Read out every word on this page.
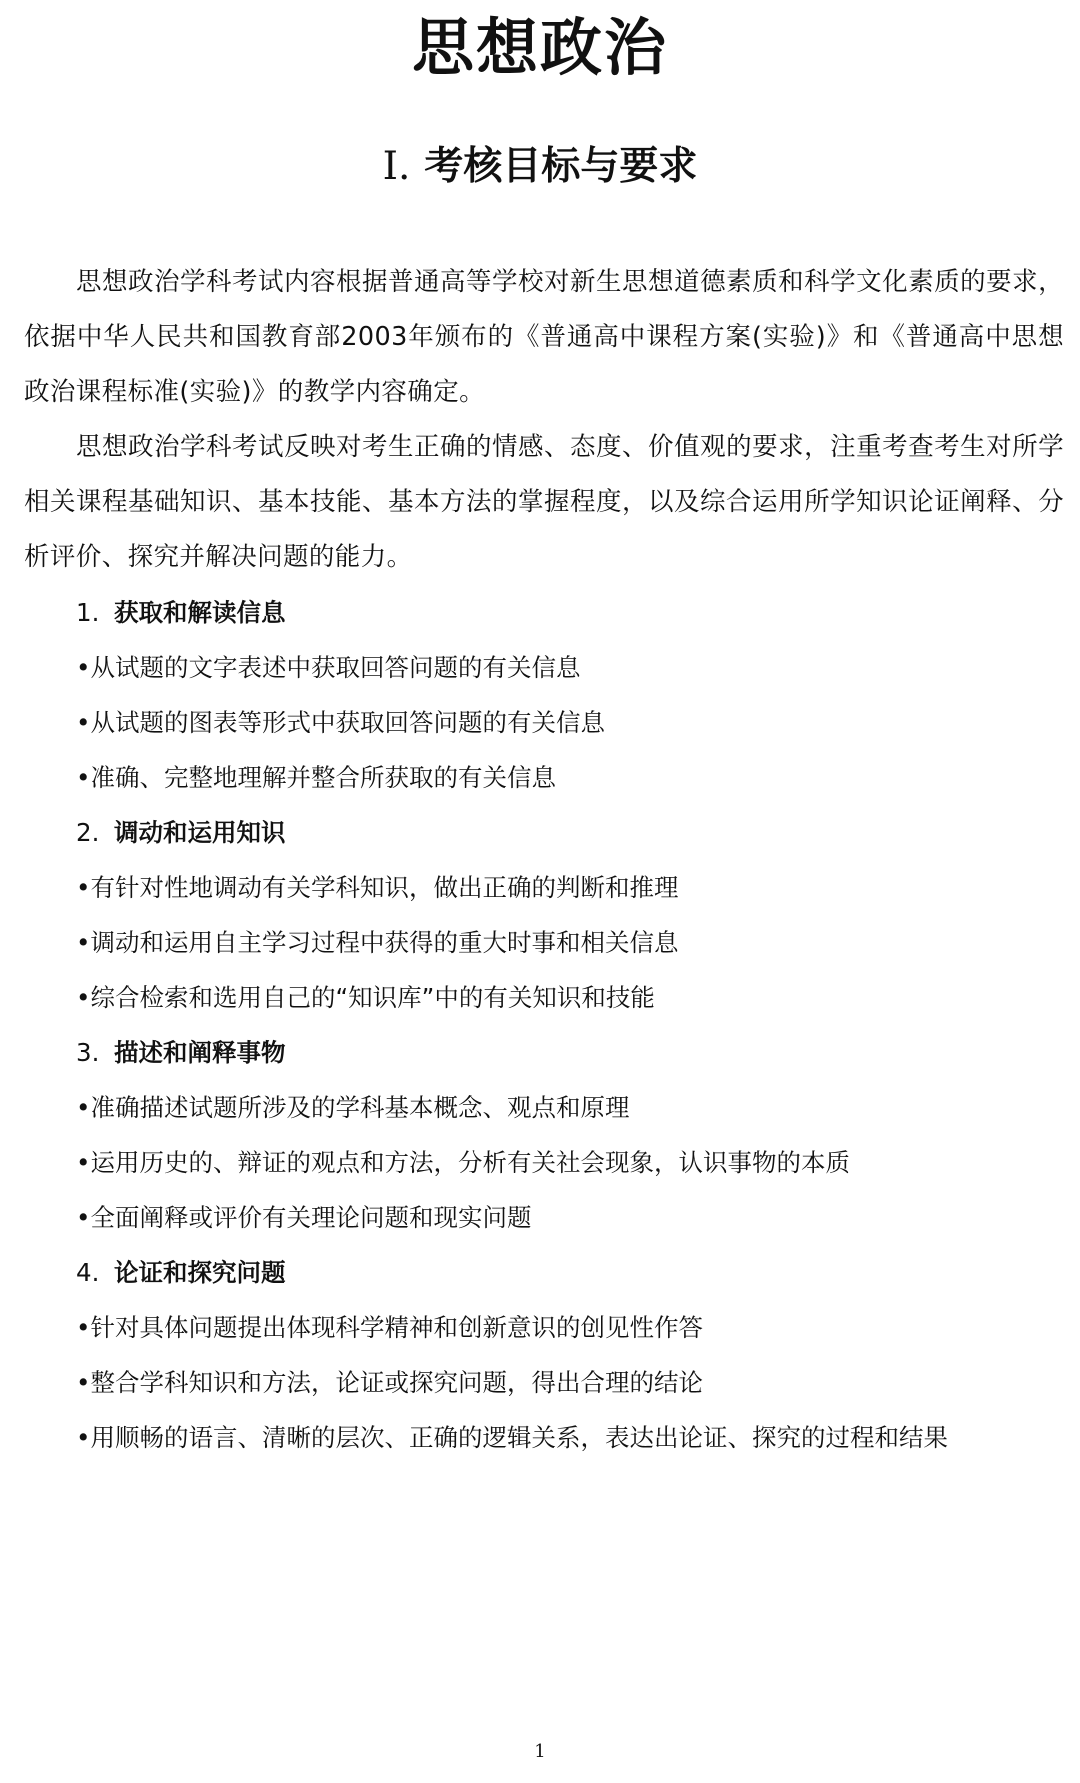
思想政治
Ⅰ. 考核目标与要求

思想政治学科考试内容根据普通高等学校对新生思想道德素质和科学文化素质的要求，依据中华人民共和国教育部2003年颁布的《普通高中课程方案(实验)》和《普通高中思想政治课程标准(实验)》的教学内容确定。

思想政治学科考试反映对考生正确的情感、态度、价值观的要求，注重考查考生对所学相关课程基础知识、基本技能、基本方法的掌握程度，以及综合运用所学知识论证阐释、分析评价、探究并解决问题的能力。

1. 获取和解读信息
•从试题的文字表述中获取回答问题的有关信息
•从试题的图表等形式中获取回答问题的有关信息
•准确、完整地理解并整合所获取的有关信息
2. 调动和运用知识
•有针对性地调动有关学科知识，做出正确的判断和推理
•调动和运用自主学习过程中获得的重大时事和相关信息
•综合检索和选用自己的“知识库”中的有关知识和技能
3. 描述和阐释事物
•准确描述试题所涉及的学科基本概念、观点和原理
•运用历史的、辩证的观点和方法，分析有关社会现象，认识事物的本质
•全面阐释或评价有关理论问题和现实问题
4. 论证和探究问题
•针对具体问题提出体现科学精神和创新意识的创见性作答
•整合学科知识和方法，论证或探究问题，得出合理的结论
•用顺畅的语言、清晰的层次、正确的逻辑关系，表达出论证、探究的过程和结果
1
